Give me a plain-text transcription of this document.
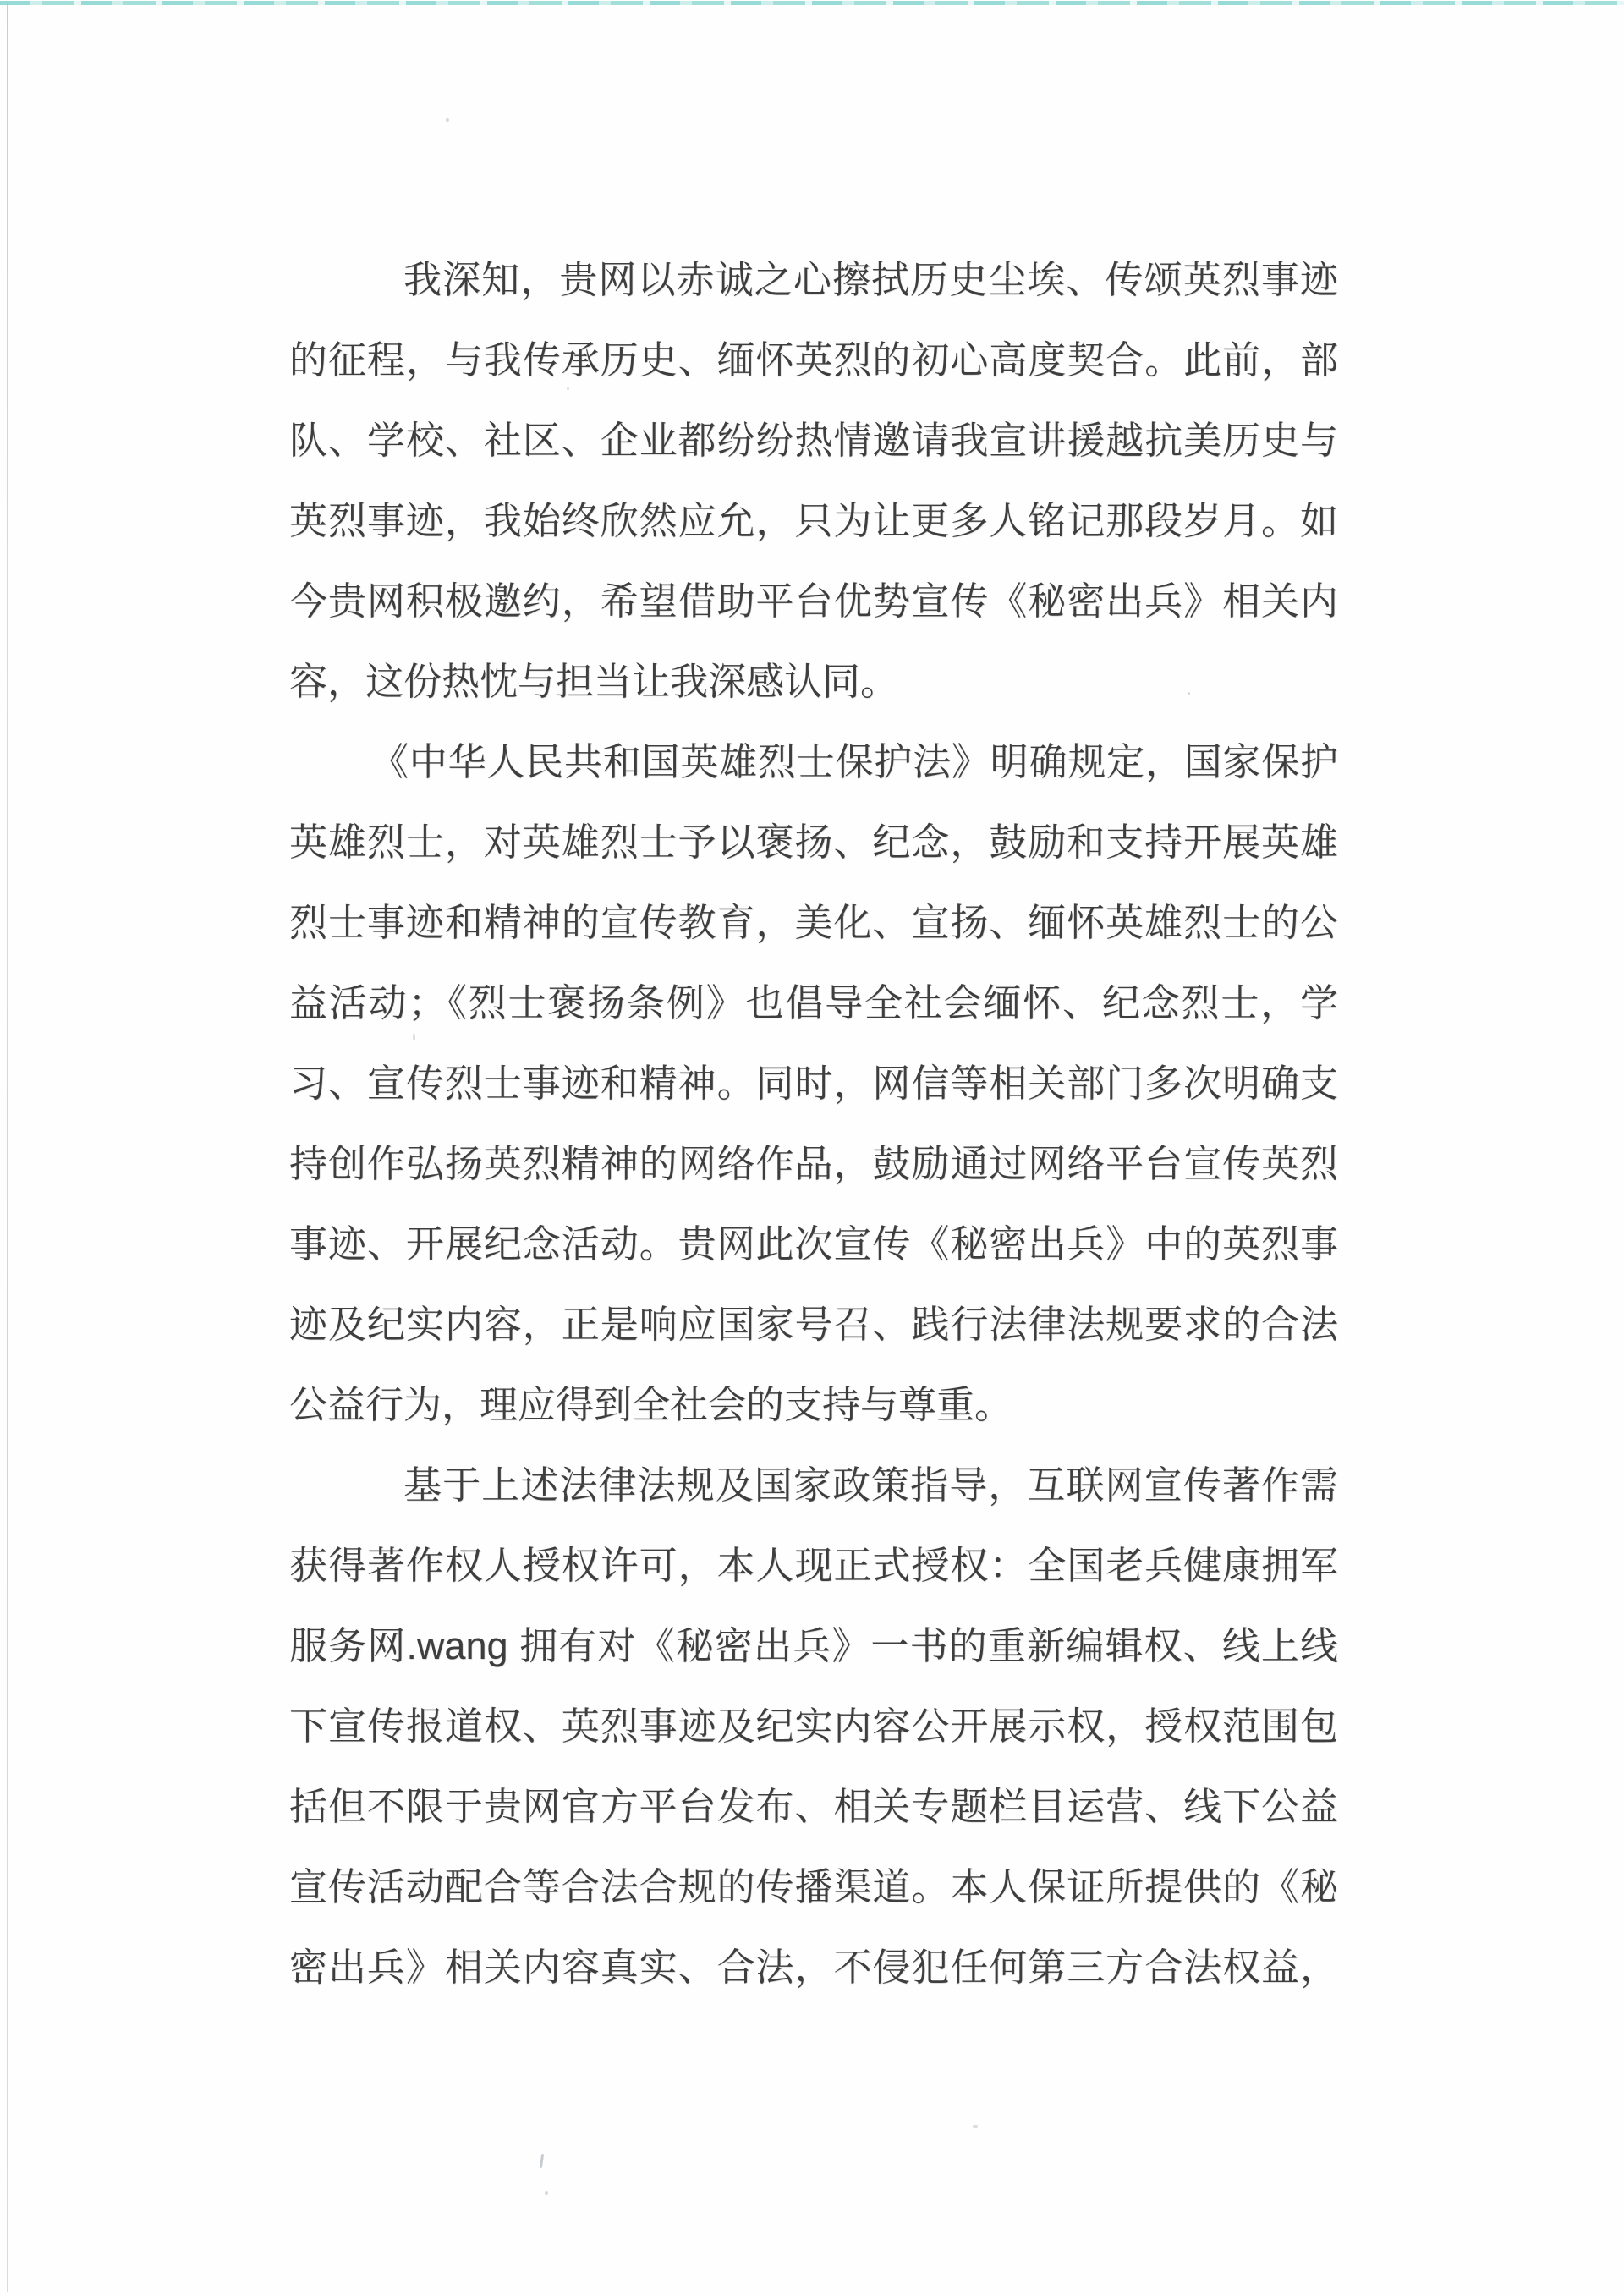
我深知，贵网以赤诚之心擦拭历史尘埃、传颂英烈事迹
的征程，与我传承历史、缅怀英烈的初心高度契合。此前，部
队、学校、社区、企业都纷纷热情邀请我宣讲援越抗美历史与
英烈事迹，我始终欣然应允，只为让更多人铭记那段岁月。如
今贵网积极邀约，希望借助平台优势宣传《秘密出兵》相关内
容，这份热忱与担当让我深感认同。
《中华人民共和国英雄烈士保护法》明确规定，国家保护
英雄烈士，对英雄烈士予以褒扬、纪念，鼓励和支持开展英雄
烈士事迹和精神的宣传教育，美化、宣扬、缅怀英雄烈士的公
益活动；《烈士褒扬条例》也倡导全社会缅怀、纪念烈士，学
习、宣传烈士事迹和精神。同时，网信等相关部门多次明确支
持创作弘扬英烈精神的网络作品，鼓励通过网络平台宣传英烈
事迹、开展纪念活动。贵网此次宣传《秘密出兵》中的英烈事
迹及纪实内容，正是响应国家号召、践行法律法规要求的合法
公益行为，理应得到全社会的支持与尊重。
基于上述法律法规及国家政策指导，互联网宣传著作需
获得著作权人授权许可，本人现正式授权：全国老兵健康拥军
服务网.wang 拥有对《秘密出兵》一书的重新编辑权、线上线
下宣传报道权、英烈事迹及纪实内容公开展示权，授权范围包
括但不限于贵网官方平台发布、相关专题栏目运营、线下公益
宣传活动配合等合法合规的传播渠道。本人保证所提供的《秘
密出兵》相关内容真实、合法，不侵犯任何第三方合法权益，
